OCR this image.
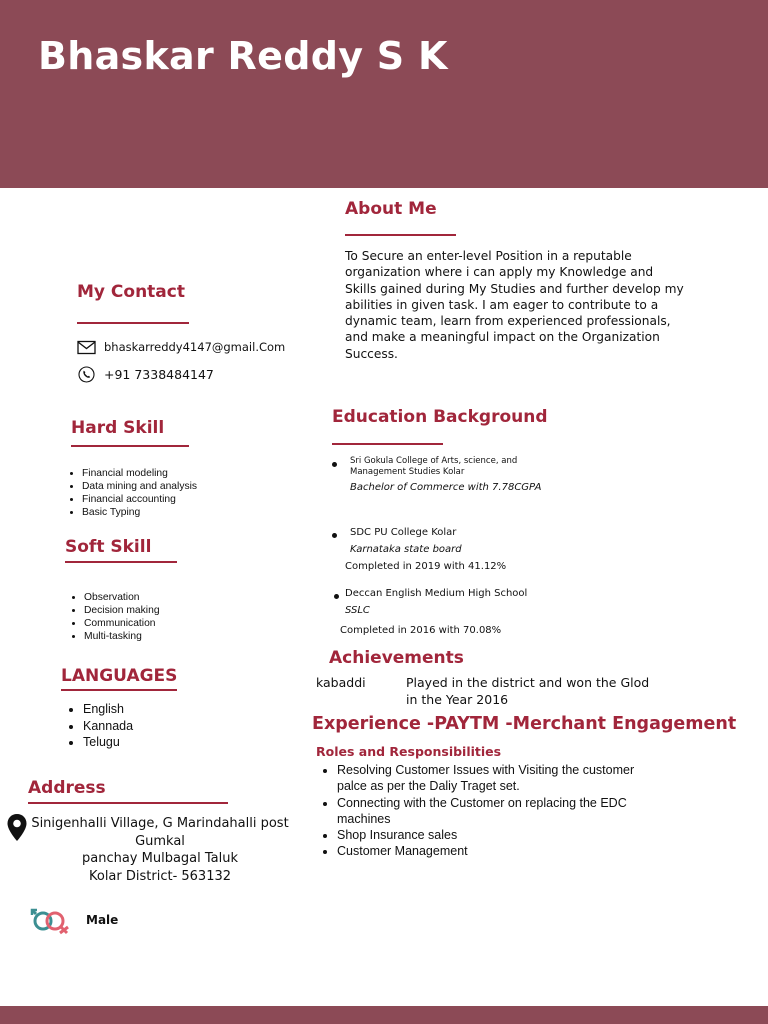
Bhaskar Reddy S K
About Me
To Secure an enter-level Position in a reputable
organization where i can apply my Knowledge and
Skills gained during My Studies and further develop my
abilities in given task. I am eager to contribute to a
dynamic team, learn from experienced professionals,
and make a meaningful impact on the Organization
Success.
My Contact
bhaskarreddy4147@gmail.Com
+91 7338484147
Hard Skill
• Financial modeling
• Data mining and analysis
• Financial accounting
• Basic Typing
Soft Skill
• Observation
• Decision making
• Communication
• Multi-tasking
LANGUAGES
• English
• Kannada
• Telugu
Address
Sinigenhalli Village, G Marindahalli post
Gumkal
panchay Mulbagal Taluk
Kolar District- 563132
Male
Education Background
Sri Gokula College of Arts, science, and
Management Studies Kolar
Bachelor of Commerce with 7.78CGPA
SDC PU College Kolar
Karnataka state board
Completed in 2019 with 41.12%
Deccan English Medium High School
SSLC
Completed in 2016 with 70.08%
Achievements
kabaddi	Played in the district and won the Glod
in the Year 2016
Experience -PAYTM -Merchant Engagement
Roles and Responsibilities
• Resolving Customer Issues with Visiting the customer
palce as per the Daliy Traget set.
• Connecting with the Customer on replacing the EDC
machines
• Shop Insurance sales
• Customer Management
